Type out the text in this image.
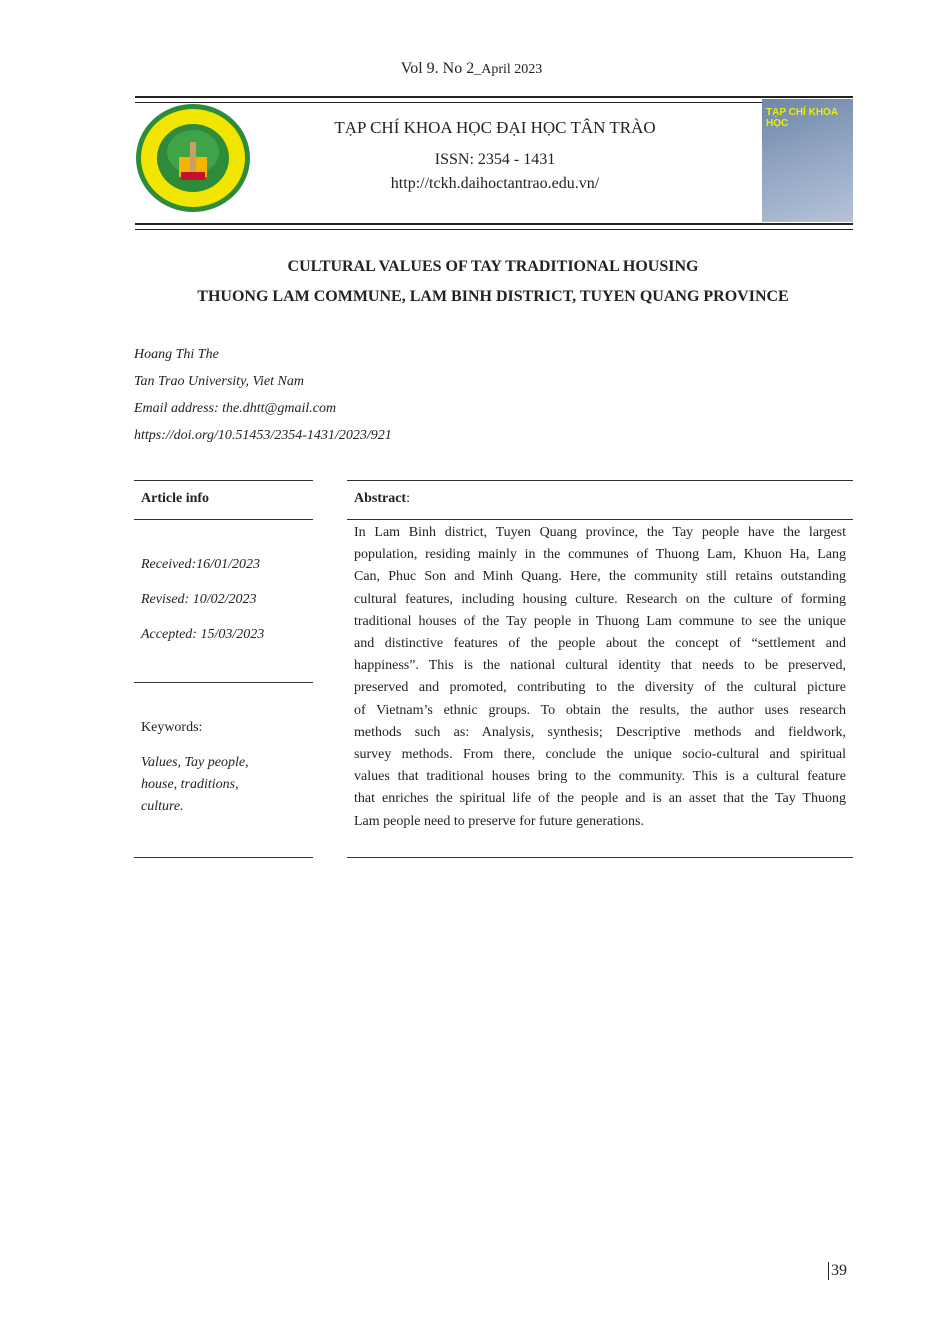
Vol 9. No 2_April 2023
TẠP CHÍ KHOA HỌC ĐẠI HỌC TÂN TRÀO
ISSN: 2354 - 1431
http://tckh.daihoctantrao.edu.vn/
TẠP CHÍ KHOA HỌC
CULTURAL VALUES OF TAY TRADITIONAL HOUSING
THUONG LAM COMMUNE, LAM BINH DISTRICT, TUYEN QUANG PROVINCE
Hoang Thi The
Tan Trao University, Viet Nam
Email address: the.dhtt@gmail.com
https://doi.org/10.51453/2354-1431/2023/921
Article info
Received:16/01/2023
Revised: 10/02/2023
Accepted: 15/03/2023
Keywords:
Values, Tay people,
house, traditions,
culture.
Abstract:
In Lam Binh district, Tuyen Quang province, the Tay people have the largest
population, residing mainly in the communes of Thuong Lam, Khuon Ha, Lang
Can, Phuc Son and Minh Quang. Here, the community still retains outstanding
cultural features, including housing culture. Research on the culture of forming
traditional houses of the Tay people in Thuong Lam commune to see the unique
and distinctive features of the people about the concept of “settlement and
happiness”. This is the national cultural identity that needs to be preserved,
preserved and promoted, contributing to the diversity of the cultural picture
of Vietnam’s ethnic groups. To obtain the results, the author uses research
methods such as: Analysis, synthesis; Descriptive methods and fieldwork,
survey methods. From there, conclude the unique socio-cultural and spiritual
values that traditional houses bring to the community. This is a cultural feature
that enriches the spiritual life of the people and is an asset that the Tay Thuong
Lam people need to preserve for future generations.
39
